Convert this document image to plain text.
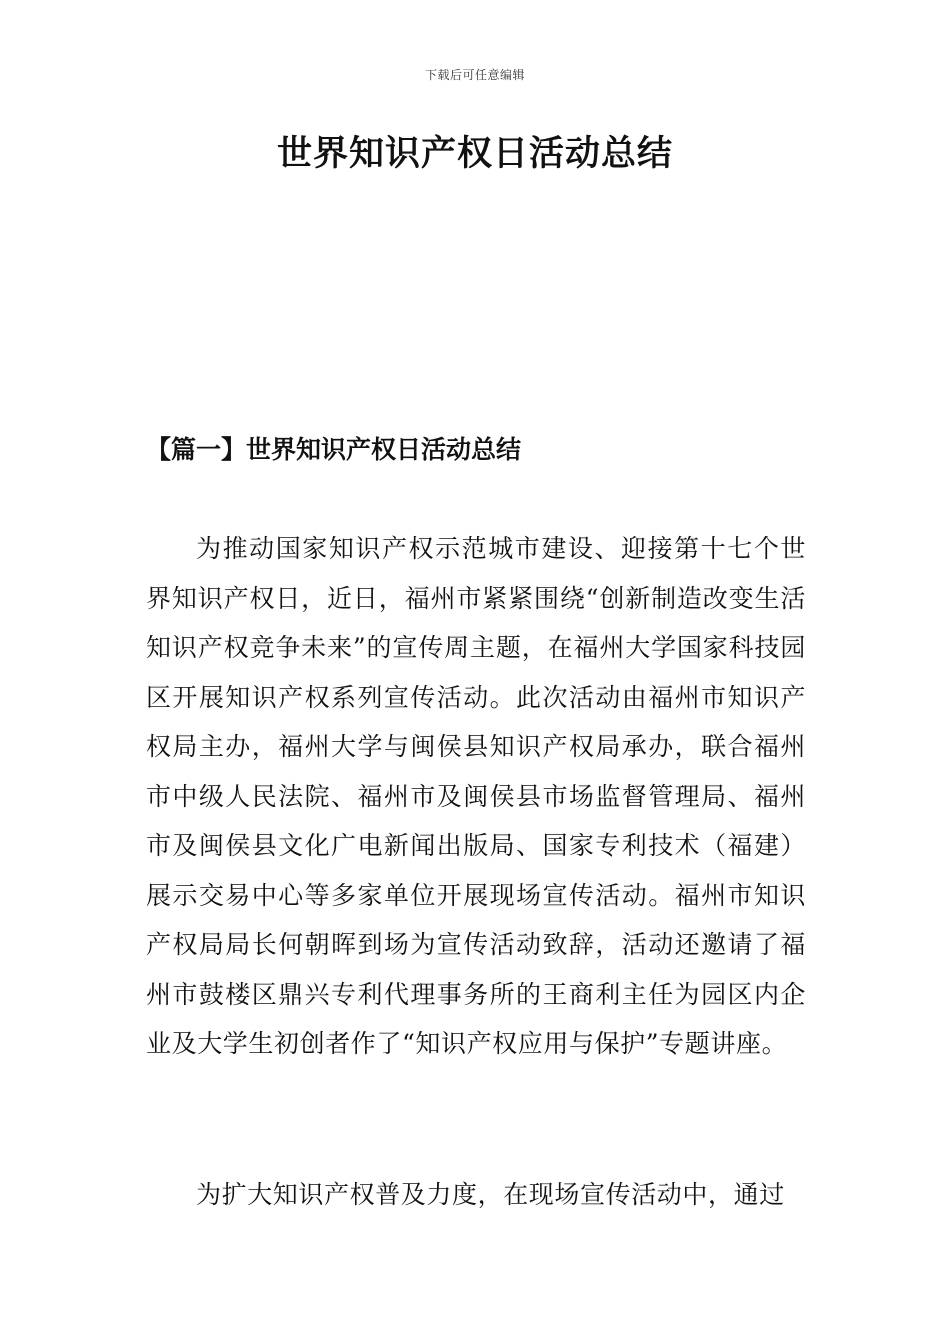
下载后可任意编辑
世界知识产权日活动总结
【篇一】世界知识产权日活动总结

为推动国家知识产权示范城市建设、迎接第十七个世界知识产权日，近日，福州市紧紧围绕“创新制造改变生活知识产权竞争未来”的宣传周主题，在福州大学国家科技园区开展知识产权系列宣传活动。此次活动由福州市知识产权局主办，福州大学与闽侯县知识产权局承办，联合福州市中级人民法院、福州市及闽侯县市场监督管理局、福州市及闽侯县文化广电新闻出版局、国家专利技术（福建）展示交易中心等多家单位开展现场宣传活动。福州市知识产权局局长何朝晖到场为宣传活动致辞，活动还邀请了福州市鼓楼区鼎兴专利代理事务所的王商利主任为园区内企业及大学生初创者作了“知识产权应用与保护”专题讲座。

为扩大知识产权普及力度，在现场宣传活动中，通过
